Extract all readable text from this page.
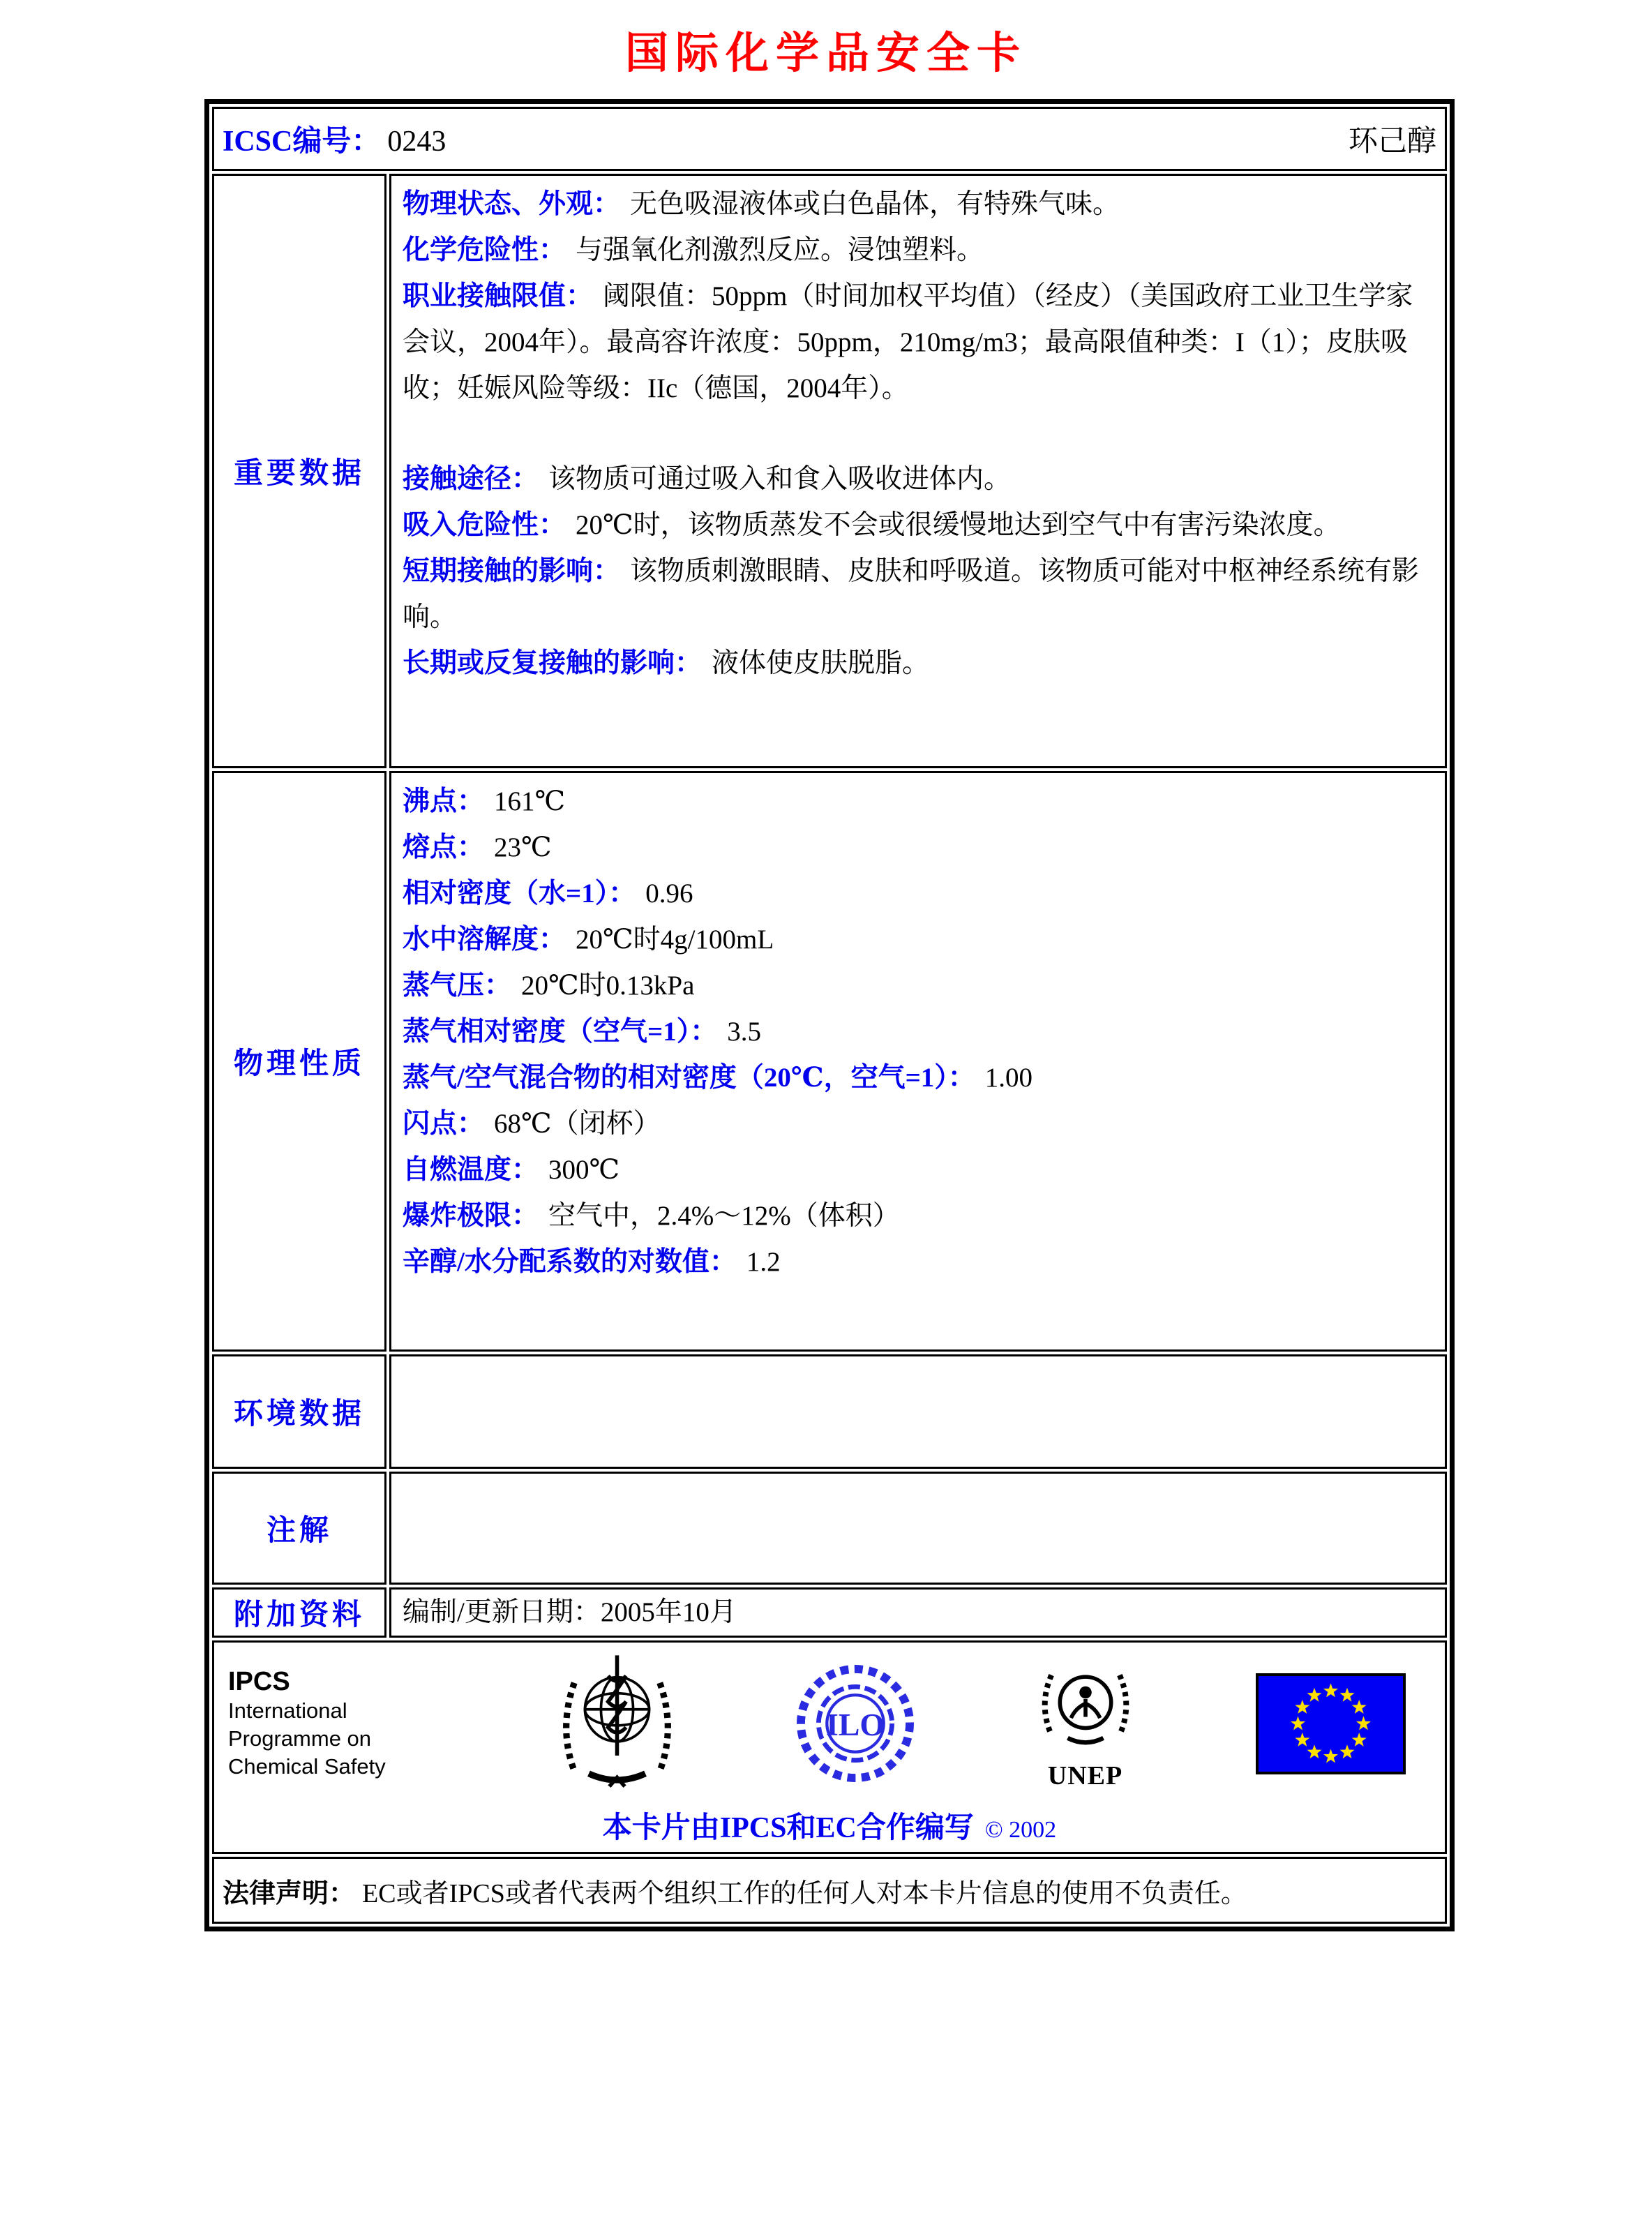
国际化学品安全卡
ICSC编号： 0243	环己醇
重要数据
物理状态、外观： 无色吸湿液体或白色晶体，有特殊气味。
化学危险性： 与强氧化剂激烈反应。浸蚀塑料。
职业接触限值： 阈限值：50ppm（时间加权平均值）（经皮）（美国政府工业卫生学家会议，2004年）。最高容许浓度：50ppm，210mg/m3；最高限值种类：I（1）；皮肤吸收；妊娠风险等级：IIc（德国，2004年）。
接触途径： 该物质可通过吸入和食入吸收进体内。
吸入危险性： 20℃时，该物质蒸发不会或很缓慢地达到空气中有害污染浓度。
短期接触的影响： 该物质刺激眼睛、皮肤和呼吸道。该物质可能对中枢神经系统有影响。
长期或反复接触的影响： 液体使皮肤脱脂。
物理性质
沸点： 161℃
熔点： 23℃
相对密度（水=1）： 0.96
水中溶解度： 20℃时4g/100mL
蒸气压： 20℃时0.13kPa
蒸气相对密度（空气=1）： 3.5
蒸气/空气混合物的相对密度（20℃，空气=1）： 1.00
闪点： 68℃（闭杯）
自燃温度： 300℃
爆炸极限： 空气中，2.4%～12%（体积）
辛醇/水分配系数的对数值： 1.2
环境数据
注解
附加资料	编制/更新日期： 2005年10月
IPCS
International
Programme on
Chemical Safety
ILO
UNEP
本卡片由IPCS和EC合作编写 © 2002
法律声明： EC或者IPCS或者代表两个组织工作的任何人对本卡片信息的使用不负责任。
